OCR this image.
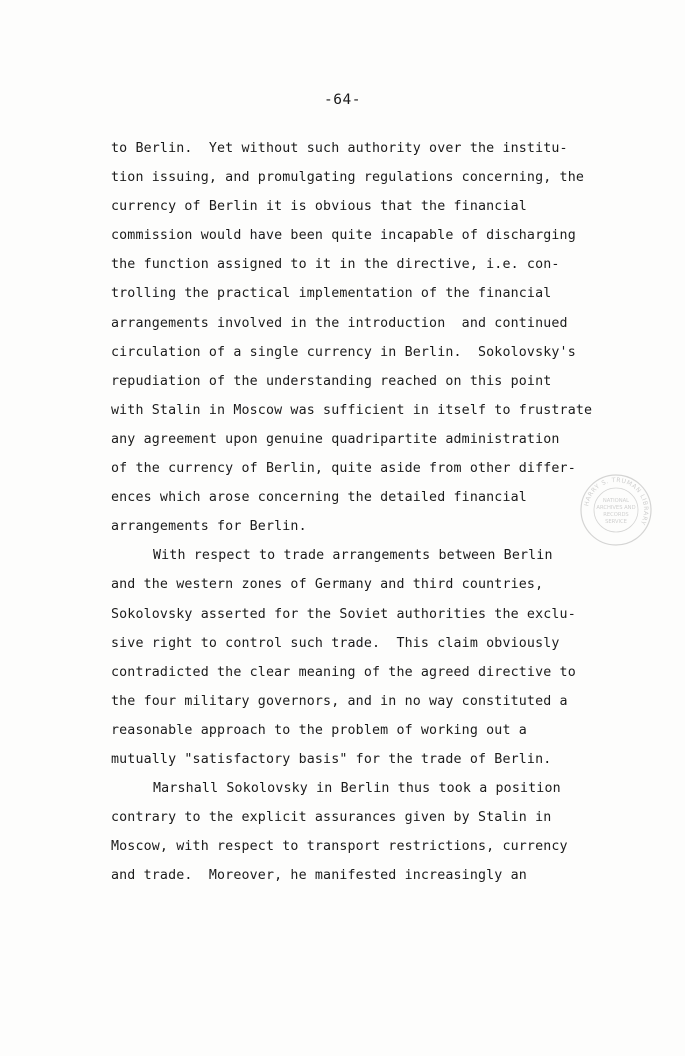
-64-
to Berlin.  Yet without such authority over the institu-
tion issuing, and promulgating regulations concerning, the
currency of Berlin it is obvious that the financial
commission would have been quite incapable of discharging
the function assigned to it in the directive, i.e. con-
trolling the practical implementation of the financial
arrangements involved in the introduction  and continued
circulation of a single currency in Berlin.  Sokolovsky's
repudiation of the understanding reached on this point
with Stalin in Moscow was sufficient in itself to frustrate
any agreement upon genuine quadripartite administration
of the currency of Berlin, quite aside from other differ-
ences which arose concerning the detailed financial
arrangements for Berlin.
With respect to trade arrangements between Berlin
and the western zones of Germany and third countries,
Sokolovsky asserted for the Soviet authorities the exclu-
sive right to control such trade.  This claim obviously
contradicted the clear meaning of the agreed directive to
the four military governors, and in no way constituted a
reasonable approach to the problem of working out a
mutually "satisfactory basis" for the trade of Berlin.
Marshall Sokolovsky in Berlin thus took a position
contrary to the explicit assurances given by Stalin in
Moscow, with respect to transport restrictions, currency
and trade.  Moreover, he manifested increasingly an
HARRY S. TRUMAN LIBRARY
NATIONAL
ARCHIVES AND
RECORDS
SERVICE
